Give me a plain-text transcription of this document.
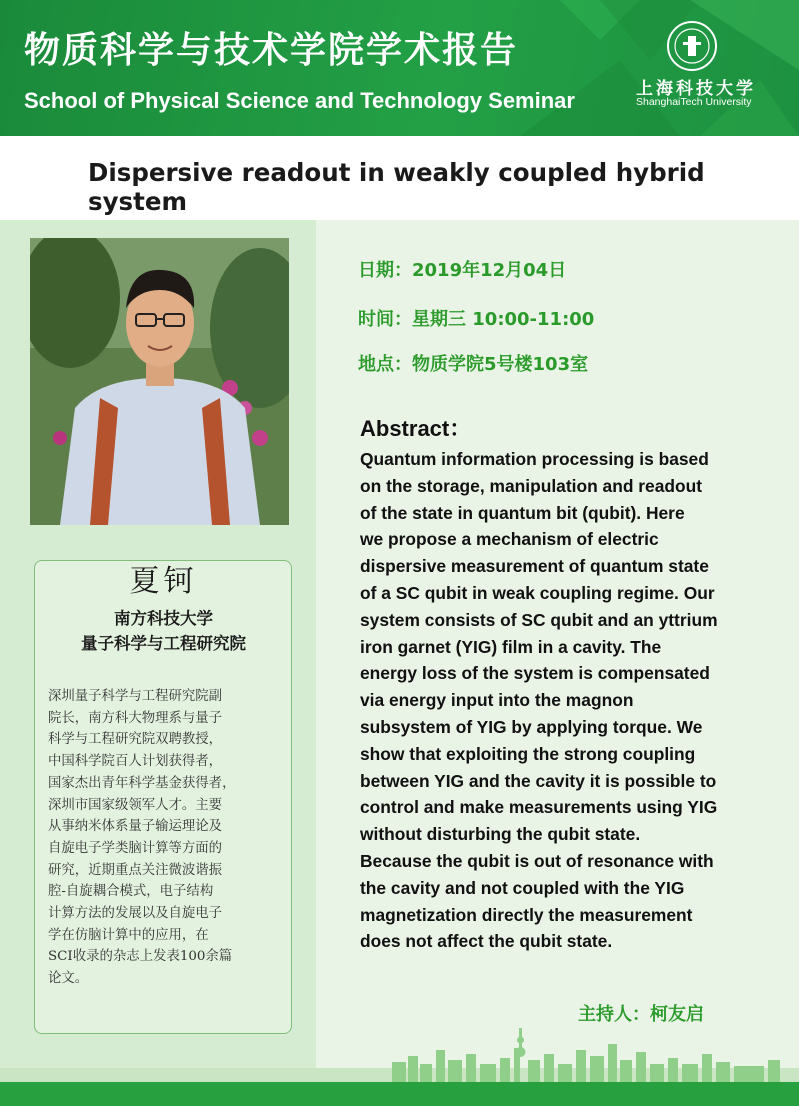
物质科学与技术学院学术报告
School of Physical Science and Technology Seminar	上海科技大学
ShanghaiTech University
Dispersive readout in weakly coupled hybrid system
夏钶
南方科技大学
量子科学与工程研究院
深圳量子科学与工程研究院副
院长，南方科大物理系与量子
科学与工程研究院双聘教授，
中国科学院百人计划获得者，
国家杰出青年科学基金获得者，
深圳市国家级领军人才。主要
从事纳米体系量子输运理论及
自旋电子学类脑计算等方面的
研究，近期重点关注微波谐振
腔-自旋耦合模式，电子结构
计算方法的发展以及自旋电子
学在仿脑计算中的应用，在
SCI收录的杂志上发表100余篇
论文。
日期：2019年12月04日
时间：星期三 10:00-11:00
地点：物质学院5号楼103室
Abstract：
Quantum information processing is based
on the storage, manipulation and readout
of the state in quantum bit (qubit). Here
we propose a mechanism of electric
dispersive measurement of quantum state
of a SC qubit in weak coupling regime. Our
system consists of SC qubit and an yttrium
iron garnet (YIG) film in a cavity. The
energy loss of the system is compensated
via energy input into the magnon
subsystem of YIG by applying torque. We
show that exploiting the strong coupling
between YIG and the cavity it is possible to
control and make measurements using YIG
without disturbing the qubit state.
Because the qubit is out of resonance with
the cavity and not coupled with the YIG
magnetization directly the measurement
does not affect the qubit state.
主持人：柯友启
